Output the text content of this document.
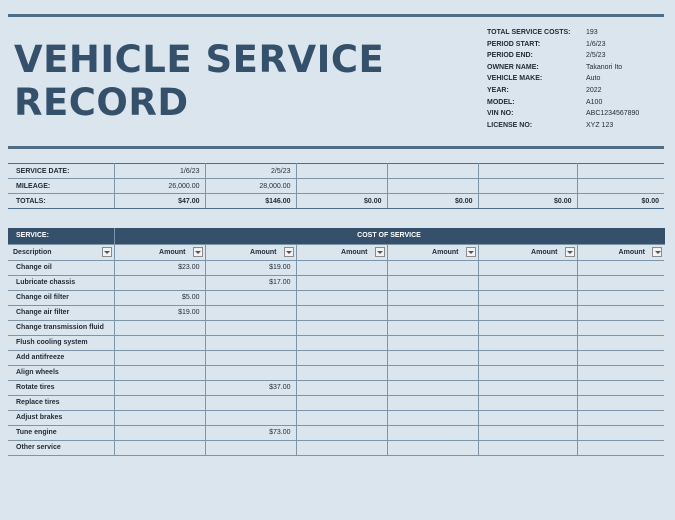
VEHICLE SERVICE
RECORD
TOTAL SERVICE COSTS:	193
PERIOD START:	1/6/23
PERIOD END:	2/5/23
OWNER NAME:	Takanori Ito
VEHICLE MAKE:	Auto
YEAR:	2022
MODEL:	A100
VIN NO:	ABC1234567890
LICENSE NO:	XYZ 123
SERVICE DATE:	1/6/23	2/5/23				
MILEAGE:	26,000.00	28,000.00				
TOTALS:	$47.00	$146.00	$0.00	$0.00	$0.00	$0.00
SERVICE:	COST OF SERVICE					

Description	Amount	Amount	Amount	Amount	Amount	Amount

Change oil	$23.00	$19.00				
Lubricate chassis		$17.00				
Change oil filter	$5.00					
Change air filter	$19.00					
Change transmission fluid						
Flush cooling system						
Add antifreeze						
Align wheels						
Rotate tires		$37.00				
Replace tires						
Adjust brakes						
Tune engine		$73.00				
Other service						
